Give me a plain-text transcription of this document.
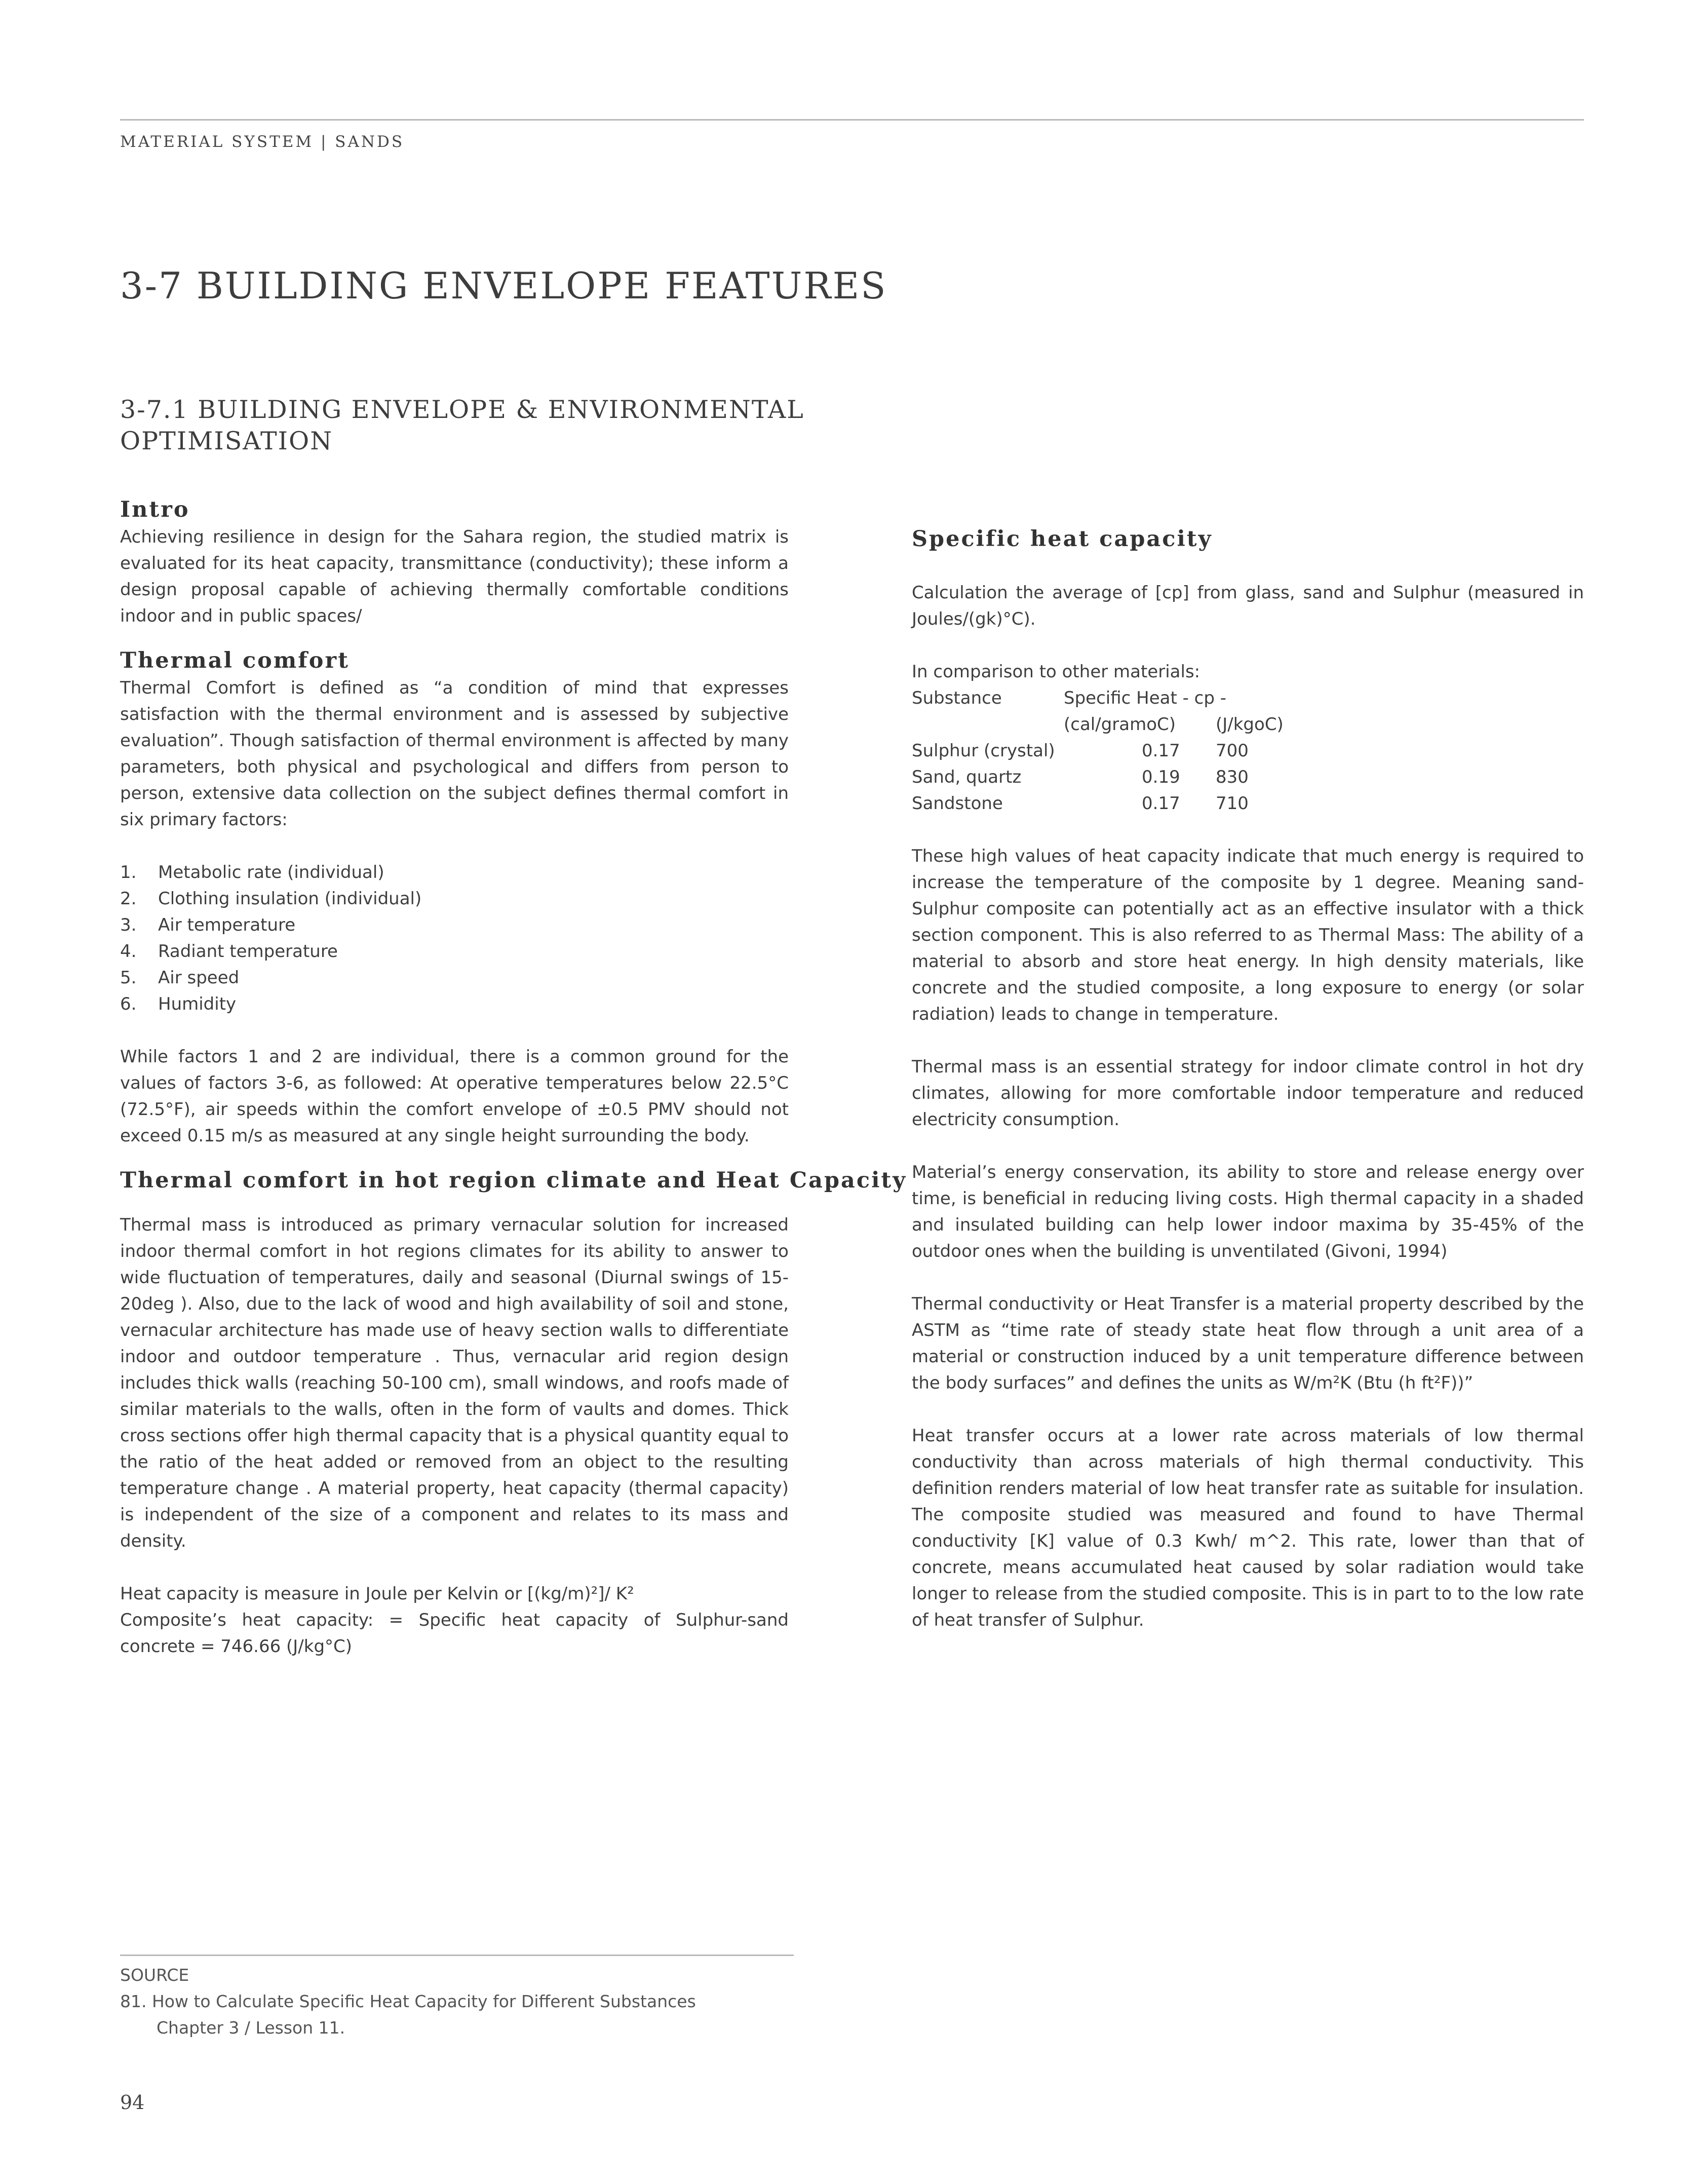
MATERIAL SYSTEM | SANDS
3-7 BUILDING ENVELOPE FEATURES
3-7.1 BUILDING ENVELOPE & ENVIRONMENTAL OPTIMISATION
Intro

Achieving resilience in design for the Sahara region, the studied matrix is evaluated for its heat capacity, transmittance (conductivity); these inform a design proposal capable of achieving thermally comfortable conditions indoor and in public spaces/

Thermal comfort

Thermal Comfort is defined as “a condition of mind that expresses satisfaction with the thermal environment and is assessed by subjective evaluation”. Though satisfaction of thermal environment is affected by many parameters, both physical and psychological and differs from person to person, extensive data collection on the subject defines thermal comfort in six primary factors:

1. Metabolic rate (individual)
2. Clothing insulation (individual)
3. Air temperature
4. Radiant temperature
5. Air speed
6. Humidity

While factors 1 and 2 are individual, there is a common ground for the values of factors 3-6, as followed: At operative temperatures below 22.5°C (72.5°F), air speeds within the comfort envelope of ±0.5 PMV should not exceed 0.15 m/s as measured at any single height surrounding the body.

Thermal comfort in hot region climate and Heat Capacity

Thermal mass is introduced as primary vernacular solution for increased indoor thermal comfort in hot regions climates for its ability to answer to wide fluctuation of temperatures, daily and seasonal (Diurnal swings of 15-20deg ). Also, due to the lack of wood and high availability of soil and stone, vernacular architecture has made use of heavy section walls to differentiate indoor and outdoor temperature . Thus, vernacular arid region design includes thick walls (reaching 50-100 cm), small windows, and roofs made of similar materials to the walls, often in the form of vaults and domes. Thick cross sections offer high thermal capacity that is a physical quantity equal to the ratio of the heat added or removed from an object to the resulting temperature change . A material property, heat capacity (thermal capacity) is independent of the size of a component and relates to its mass and density.

Heat capacity is measure in Joule per Kelvin or [(kg/m)²]/ K²

Composite’s heat capacity: = Specific heat capacity of Sulphur-sand concrete = 746.66 (J/kg°C)

Specific heat capacity

Calculation the average of [cp] from glass, sand and Sulphur (measured in Joules/(gk)°C).

In comparison to other materials:

Substance	Specific Heat - cp -
(cal/gramoC) (J/kgoC)
Sulphur (crystal)	0.17 700
Sand, quartz	0.19 830
Sandstone	0.17 710

These high values of heat capacity indicate that much energy is required to increase the temperature of the composite by 1 degree. Meaning sand-Sulphur composite can potentially act as an effective insulator with a thick section component. This is also referred to as Thermal Mass: The ability of a material to absorb and store heat energy. In high density materials, like concrete and the studied composite, a long exposure to energy (or solar radiation) leads to change in temperature.

Thermal mass is an essential strategy for indoor climate control in hot dry climates, allowing for more comfortable indoor temperature and reduced electricity consumption.

Material’s energy conservation, its ability to store and release energy over time, is beneficial in reducing living costs. High thermal capacity in a shaded and insulated building can help lower indoor maxima by 35-45% of the outdoor ones when the building is unventilated (Givoni, 1994)

Thermal conductivity or Heat Transfer is a material property described by the ASTM as “time rate of steady state heat flow through a unit area of a material or construction induced by a unit temperature difference between the body surfaces” and defines the units as W/m²K (Btu (h ft²F))”

Heat transfer occurs at a lower rate across materials of low thermal conductivity than across materials of high thermal conductivity. This definition renders material of low heat transfer rate as suitable for insulation. The composite studied was measured and found to have Thermal conductivity [K] value of 0.3 Kwh/ m^2. This rate, lower than that of concrete, means accumulated heat caused by solar radiation would take longer to release from the studied composite. This is in part to to the low rate of heat transfer of Sulphur.

SOURCE
81. How to Calculate Specific Heat Capacity for Different Substances
Chapter 3 / Lesson 11.
94
